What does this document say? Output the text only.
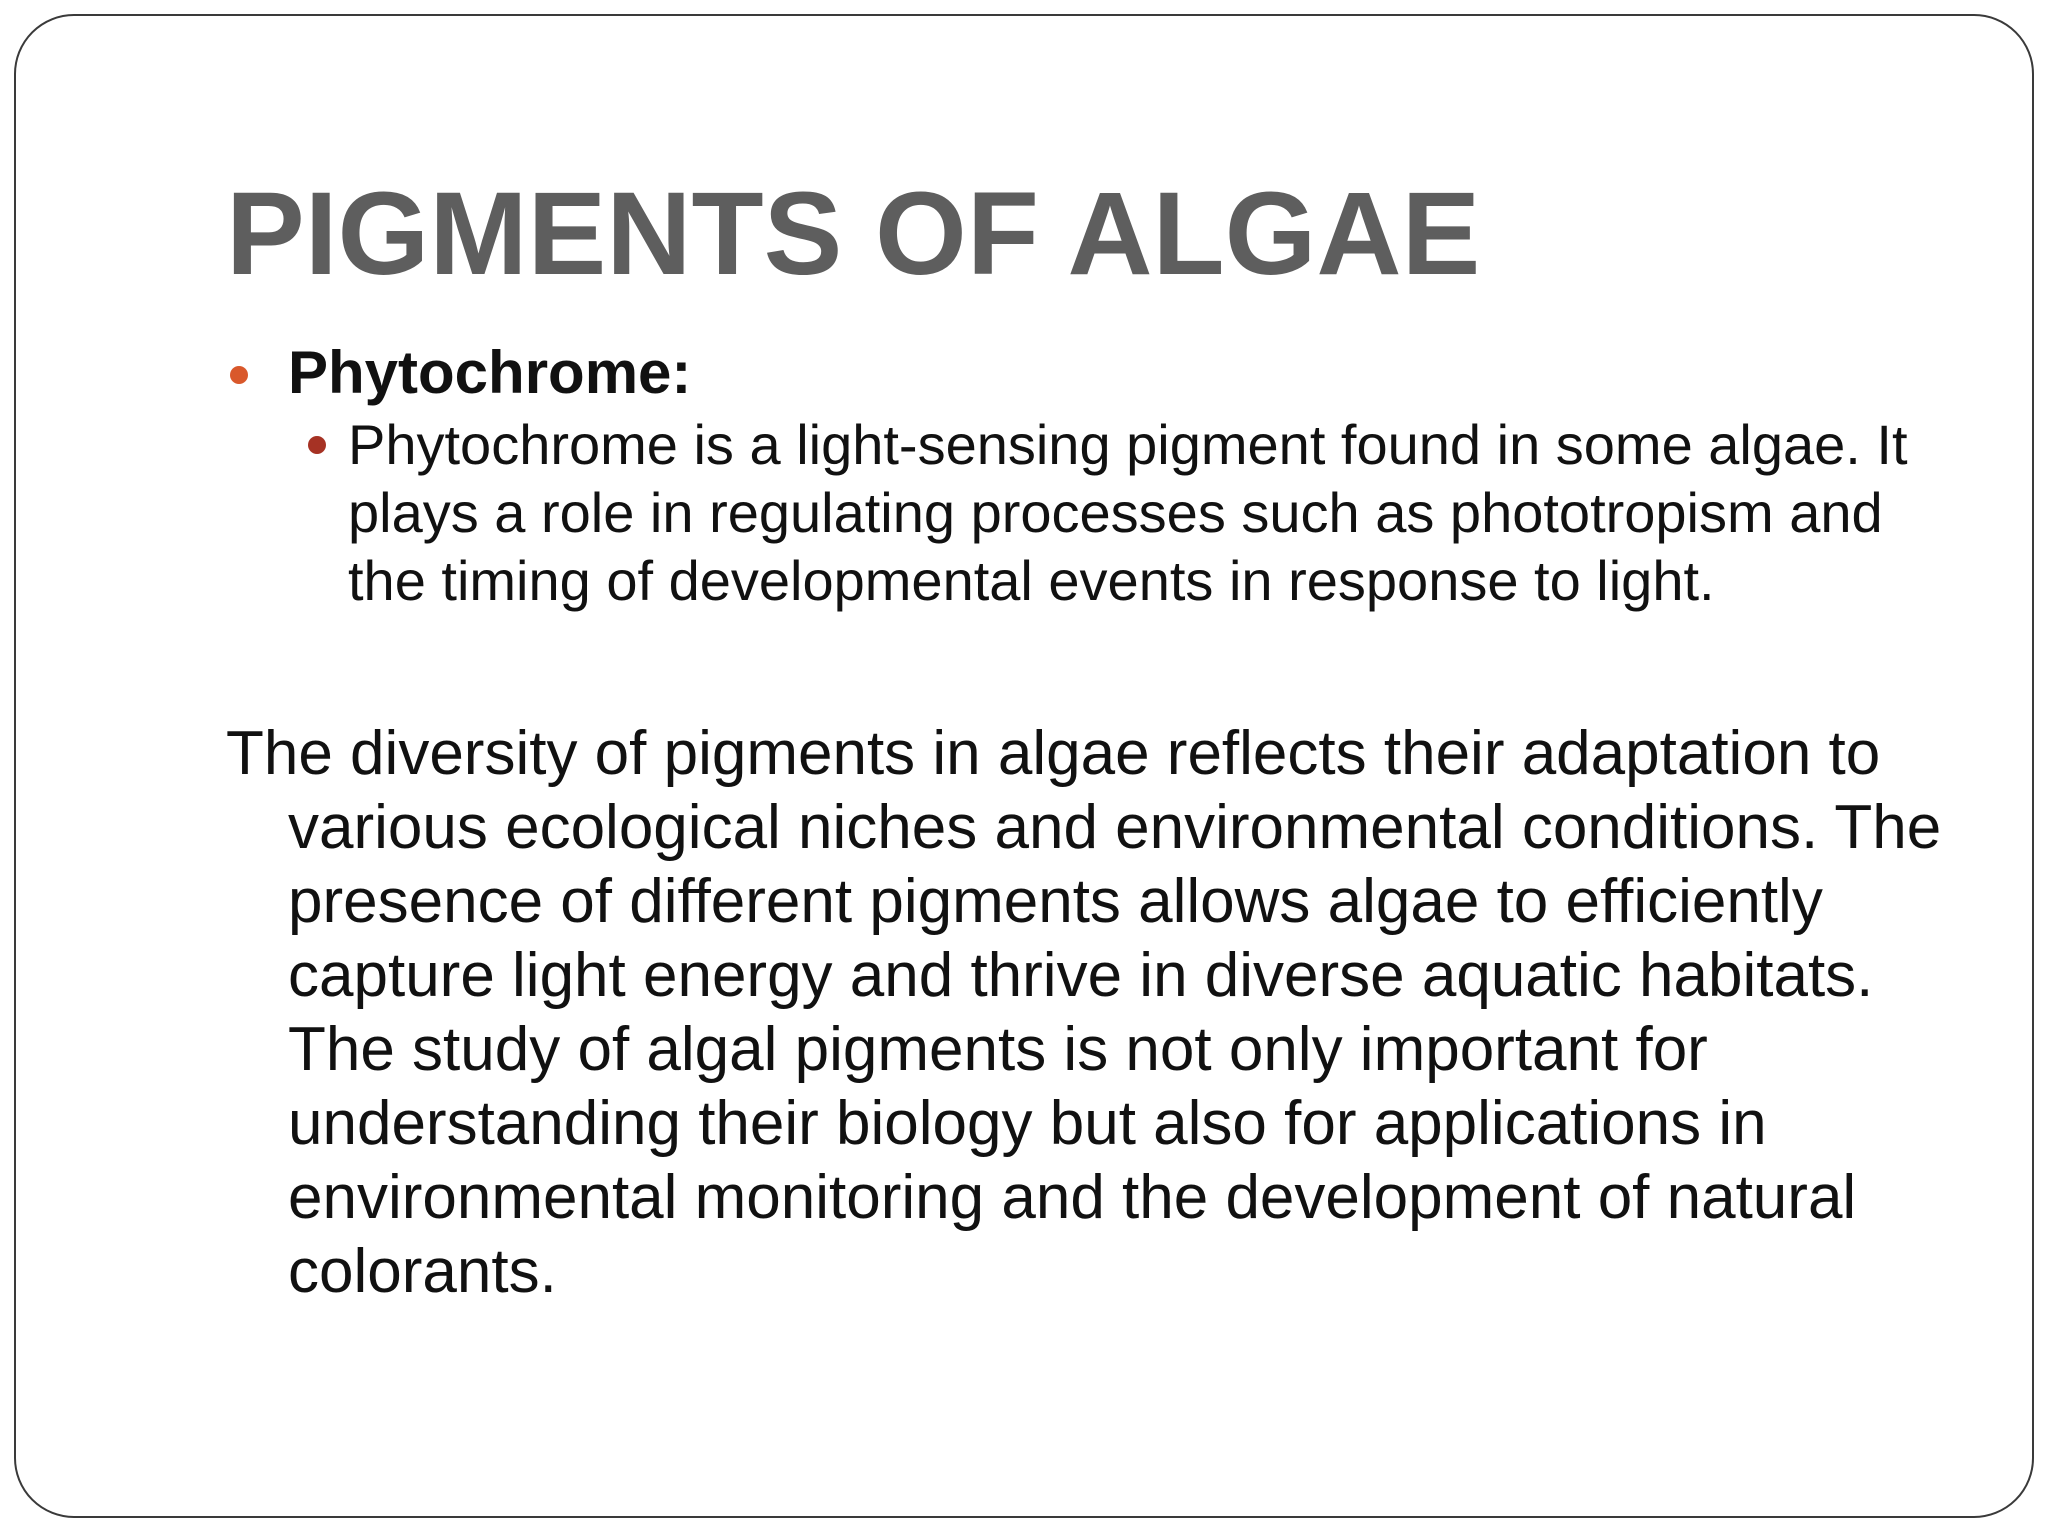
PIGMENTS OF ALGAE
Phytochrome:
Phytochrome is a light-sensing pigment found in some algae. It plays a role in regulating processes such as phototropism and the timing of developmental events in response to light.
The diversity of pigments in algae reflects their adaptation to various ecological niches and environmental conditions. The presence of different pigments allows algae to efficiently capture light energy and thrive in diverse aquatic habitats. The study of algal pigments is not only important for understanding their biology but also for applications in environmental monitoring and the development of natural colorants.
